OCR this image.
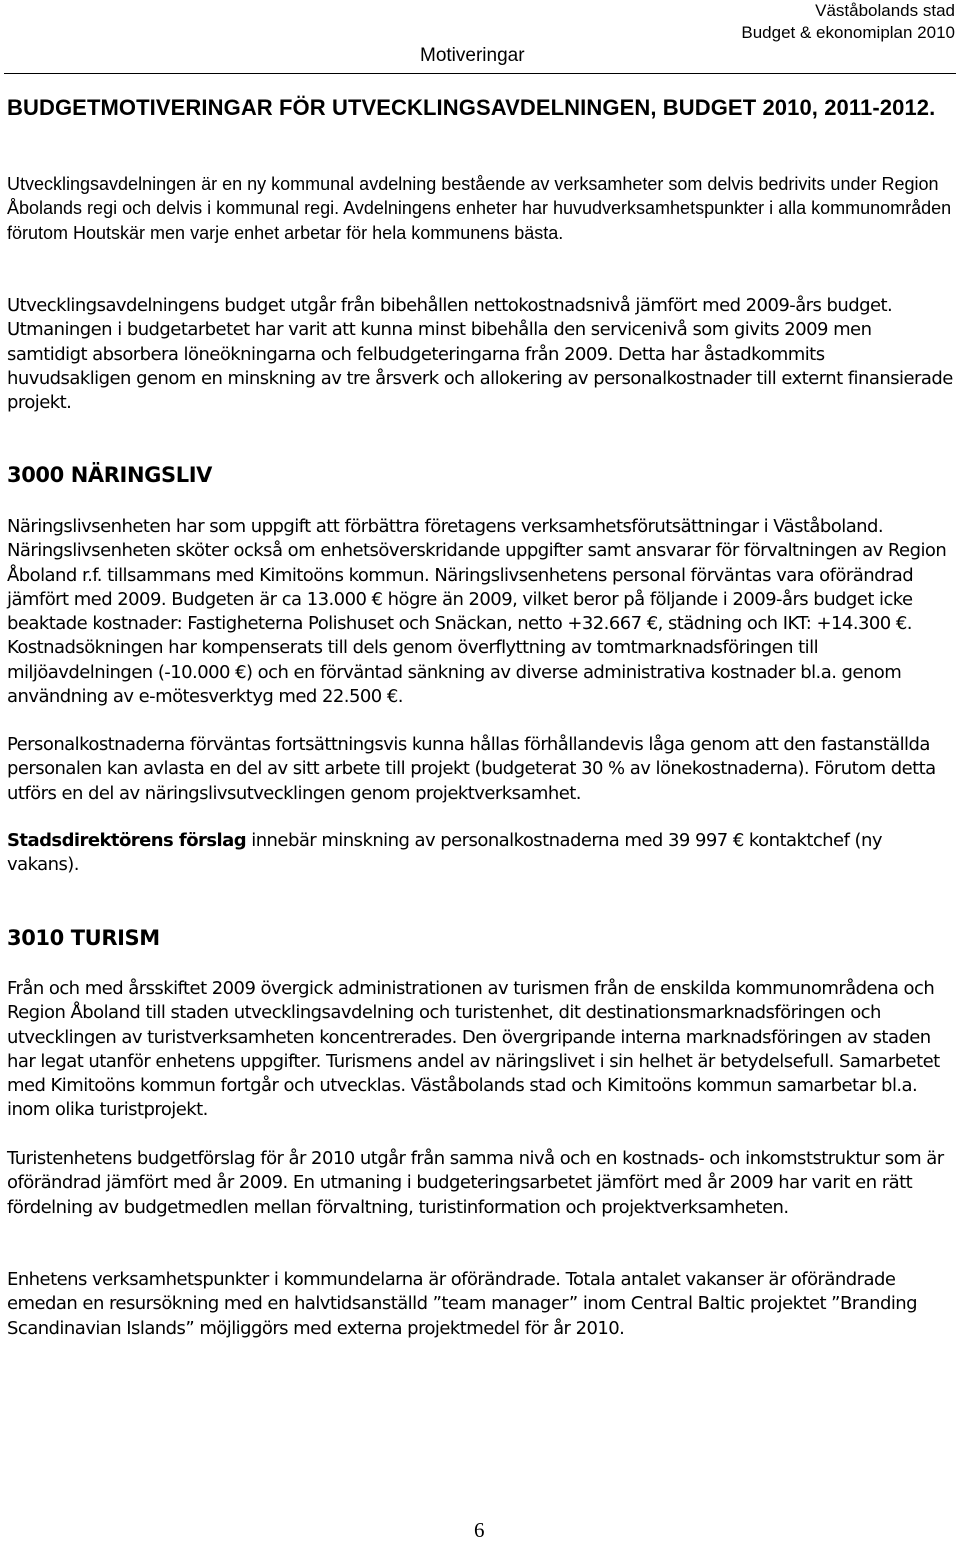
Motiveringar
Väståbolands stad
Budget & ekonomiplan 2010
BUDGETMOTIVERINGAR FÖR UTVECKLINGSAVDELNINGEN, BUDGET 2010, 2011-2012.

Utvecklingsavdelningen är en ny kommunal avdelning bestående av verksamheter som delvis bedrivits under Region Åbolands regi och delvis i kommunal regi. Avdelningens enheter har huvudverksamhetspunkter i alla kommunområden förutom Houtskär men varje enhet arbetar för hela kommunens bästa.

Utvecklingsavdelningens budget utgår från bibehållen nettokostnadsnivå jämfört med 2009-års budget. Utmaningen i budgetarbetet har varit att kunna minst bibehålla den servicenivå som givits 2009 men samtidigt absorbera löneökningarna och felbudgeteringarna från 2009. Detta har åstadkommits huvudsakligen genom en minskning av tre årsverk och allokering av personalkostnader till externt finansierade projekt.

3000 NÄRINGSLIV

Näringslivsenheten har som uppgift att förbättra företagens verksamhetsförutsättningar i Väståboland. Näringslivsenheten sköter också om enhetsöverskridande uppgifter samt ansvarar för förvaltningen av Region Åboland r.f. tillsammans med Kimitoöns kommun. Näringslivsenhetens personal förväntas vara oförändrad jämfört med 2009. Budgeten är ca 13.000 € högre än 2009, vilket beror på följande i 2009-års budget icke beaktade kostnader: Fastigheterna Polishuset och Snäckan, netto +32.667 €, städning och IKT: +14.300 €. Kostnadsökningen har kompenserats till dels genom överflyttning av tomtmarknadsföringen till miljöavdelningen (-10.000 €) och en förväntad sänkning av diverse administrativa kostnader bl.a. genom användning av e-mötesverktyg med 22.500 €.

Personalkostnaderna förväntas fortsättningsvis kunna hållas förhållandevis låga genom att den fastanställda personalen kan avlasta en del av sitt arbete till projekt (budgeterat 30 % av lönekostnaderna). Förutom detta utförs en del av näringslivsutvecklingen genom projektverksamhet.

Stadsdirektörens förslag innebär minskning av personalkostnaderna med 39 997 € kontaktchef (ny vakans).

3010 TURISM

Från och med årsskiftet 2009 övergick administrationen av turismen från de enskilda kommunområdena och Region Åboland till staden utvecklingsavdelning och turistenhet, dit destinationsmarknadsföringen och utvecklingen av turistverksamheten koncentrerades. Den övergripande interna marknadsföringen av staden har legat utanför enhetens uppgifter. Turismens andel av näringslivet i sin helhet är betydelsefull. Samarbetet med Kimitoöns kommun fortgår och utvecklas. Väståbolands stad och Kimitoöns kommun samarbetar bl.a. inom olika turistprojekt.

Turistenhetens budgetförslag för år 2010 utgår från samma nivå och en kostnads- och inkomststruktur som är oförändrad jämfört med år 2009. En utmaning i budgeteringsarbetet jämfört med år 2009 har varit en rätt fördelning av budgetmedlen mellan förvaltning, turistinformation och projektverksamheten.

Enhetens verksamhetspunkter i kommundelarna är oförändrade. Totala antalet vakanser är oförändrade emedan en resursökning med en halvtidsanställd ”team manager” inom Central Baltic projektet ”Branding Scandinavian Islands” möjliggörs med externa projektmedel för år 2010.

6
